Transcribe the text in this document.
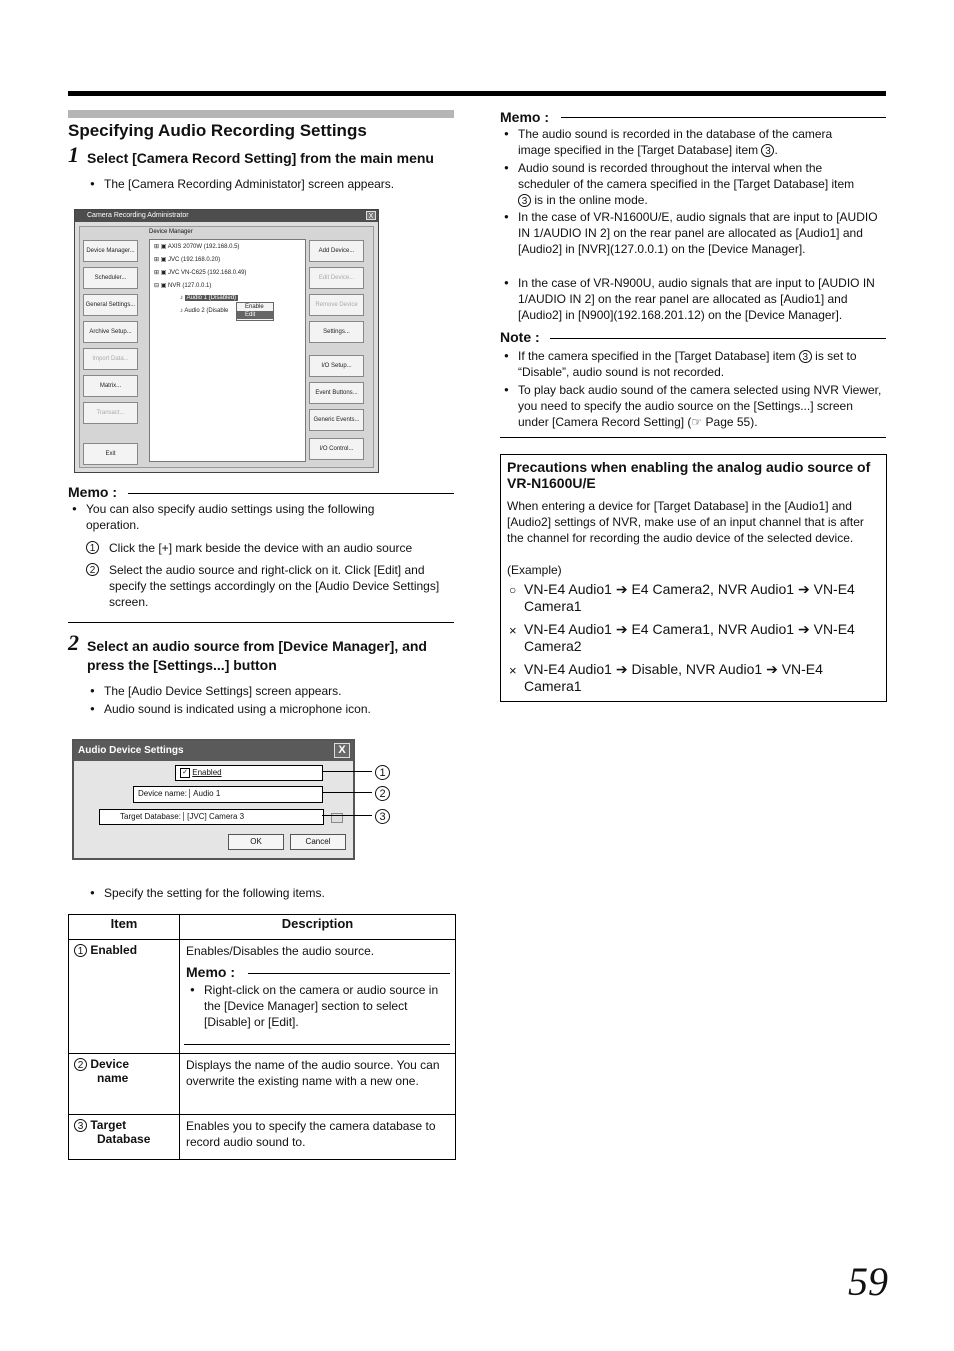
Specifying Audio Recording Settings
1 Select [Camera Record Setting] from the main menu
● The [Camera Recording Administator] screen appears.
Camera Recording Administrator	X
Device Manager...
Scheduler...
General Settings...
Archive Setup...
Import Data...
Matrix...
Transact...
Exit
Device Manager
⊞ ▣ AXIS 2070W (192.168.0.5)
⊞ ▣ JVC (192.168.0.20)
⊞ ▣ JVC VN-C625 (192.168.0.49)
⊟ ▣ NVR (127.0.0.1)
♪ Audio 1 (Disabled)
♪ Audio 2 (Disable
Enable
Edit
Add Device...
Edit Device...
Remove Device
Settings...
I/O Setup...
Event Buttons...
Generic Events...
I/O Control...
Memo :
● You can also specify audio settings using the following operation.
1	Click the [+] mark beside the device with an audio source
2	Select the audio source and right-click on it. Click [Edit] and specify the settings accordingly on the [Audio Device Settings] screen.
2 Select an audio source from [Device Manager], and
press the [Settings...] button
● The [Audio Device Settings] screen appears.
● Audio sound is indicated using a microphone icon.
Audio Device Settings	X
✓ Enabled
Device name: Audio 1
Target Database: [JVC] Camera 3
OK	Cancel
1
2
3
● Specify the setting for the following items.
Item	Description
1 Enabled	Enables/Disables the audio source.
Memo :
● Right-click on the camera or audio source in the [Device Manager] section to select [Disable] or [Edit].

2 Device
name	Displays the name of the audio source. You can overwrite the existing name with a new one.
3 Target
Database	Enables you to specify the camera database to record audio sound to.
Memo :
● The audio sound is recorded in the database of the camera
image specified in the [Target Database] item 3 .
● Audio sound is recorded throughout the interval when the
scheduler of the camera specified in the [Target Database] item
3 is in the online mode.
● In the case of VR-N1600U/E, audio signals that are input to [AUDIO IN 1/AUDIO IN 2] on the rear panel are allocated as [Audio1] and [Audio2] in [NVR](127.0.0.1) on the [Device Manager].
● In the case of VR-N900U, audio signals that are input to [AUDIO IN 1/AUDIO IN 2] on the rear panel are allocated as [Audio1] and [Audio2] in [N900](192.168.201.12) on the [Device Manager].
Note :
● If the camera specified in the [Target Database] item 3 is set to
“Disable”, audio sound is not recorded.
● To play back audio sound of the camera selected using NVR Viewer, you need to specify the audio source on the [Settings...] screen under [Camera Record Setting] (☞ Page 55).
Precautions when enabling the analog audio source of VR-N1600U/E
When entering a device for [Target Database] in the [Audio1] and [Audio2] settings of NVR, make use of an input channel that is after the channel for recording the audio device of the selected device.
(Example)
○ VN-E4 Audio1 ➔ E4 Camera2, NVR Audio1 ➔ VN-E4
Camera1
× VN-E4 Audio1 ➔ E4 Camera1, NVR Audio1 ➔ VN-E4
Camera2
× VN-E4 Audio1 ➔ Disable, NVR Audio1 ➔ VN-E4
Camera1
59
